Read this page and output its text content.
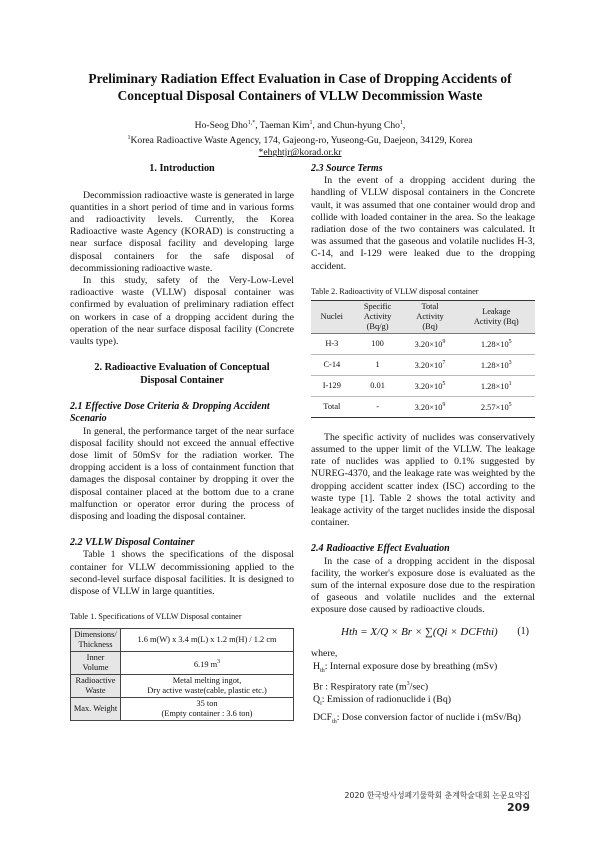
Preliminary Radiation Effect Evaluation in Case of Dropping Accidents of
Conceptual Disposal Containers of VLLW Decommission Waste
Ho-Seog Dho$^{1,*}$, Taeman Kim$^1$, and Chun-hyung Cho$^1$,
$^1$Korea Radioactive Waste Agency, 174, Gajeong-ro, Yuseong-Gu, Daejeon, 34129, Korea
*ehghtjr@korad.or.kr
1. Introduction

Decommission radioactive waste is generated in large quantities in a short period of time and in various forms and radioactivity levels. Currently, the Korea Radioactive waste Agency (KORAD) is constructing a near surface disposal facility and developing large disposal containers for the safe disposal of decommissioning radioactive waste.

In this study, safety of the Very-Low-Level radioactive waste (VLLW) disposal container was confirmed by evaluation of preliminary radiation effect on workers in case of a dropping accident during the operation of the near surface disposal facility (Concrete vaults type).

2. Radioactive Evaluation of Conceptual
Disposal Container
2.1 Effective Dose Criteria & Dropping Accident Scenario

In general, the performance target of the near surface disposal facility should not exceed the annual effective dose limit of 50mSv for the radiation worker. The dropping accident is a loss of containment function that damages the disposal container by dropping it over the disposal container placed at the bottom due to a crane malfunction or operator error during the process of disposing and loading the disposal container.

2.2 VLLW Disposal Container

Table 1 shows the specifications of the disposal container for VLLW decommissioning applied to the second-level surface disposal facilities. It is designed to dispose of VLLW in large quantities.

Table 1. Specifications of VLLW Disposal container
Dimensions/ Thickness	1.6 m(W) x 3.4 m(L) x 1.2 m(H) / 1.2 cm
Inner Volume	6.19 $m^3$
Radioactive Waste	Metal melting ingot,
Dry active waste(cable, plastic etc.)
Max. Weight	35 ton
(Empty container : 3.6 ton)
2.3 Source Terms

In the event of a dropping accident during the handling of VLLW disposal containers in the Concrete vault, it was assumed that one container would drop and collide with loaded container in the area. So the leakage radiation dose of the two containers was calculated. It was assumed that the gaseous and volatile nuclides H-3, C-14, and I-129 were leaked due to the dropping accident.

Table 2. Radioactivity of VLLW disposal container
Nuclei	Specific
Activity
(Bq/g)	Total
Activity
(Bq)	Leakage
Activity (Bq)
H-3	100	$3.20\times 10^9$	$1.28\times 10^5$
C-14	1	$3.20\times 10^7$	$1.28\times 10^3$
I-129	0.01	$3.20\times 10^5$	$1.28\times 10^1$
Total	-	$3.20\times 10^9$	$2.57\times 10^5$

The specific activity of nuclides was conservatively assumed to the upper limit of the VLLW. The leakage rate of nuclides was applied to 0.1% suggested by NUREG-4370, and the leakage rate was weighted by the dropping accident scatter index (ISC) according to the waste type [1]. Table 2 shows the total activity and leakage activity of the target nuclides inside the disposal container.

2.4 Radioactive Effect Evaluation

In the case of a dropping accident in the disposal facility, the worker's exposure dose is evaluated as the sum of the internal exposure dose due to the respiration of gaseous and volatile nuclides and the external exposure dose caused by radioactive clouds.

Hth = X/Q × Br × ∑(Qi × DCFthi) (1)
where,
$H_{th}$: Internal exposure dose by breathing (mSv)
Br : Respiratory rate $(m^3/\sec)$
$Q_i$: Emission of radionuclide i (Bq)
$DCF_{th}$: Dose conversion factor of nuclide i (mSv/Bq)
2020 한국방사성폐기물학회 춘계학술대회 논문요약집209
